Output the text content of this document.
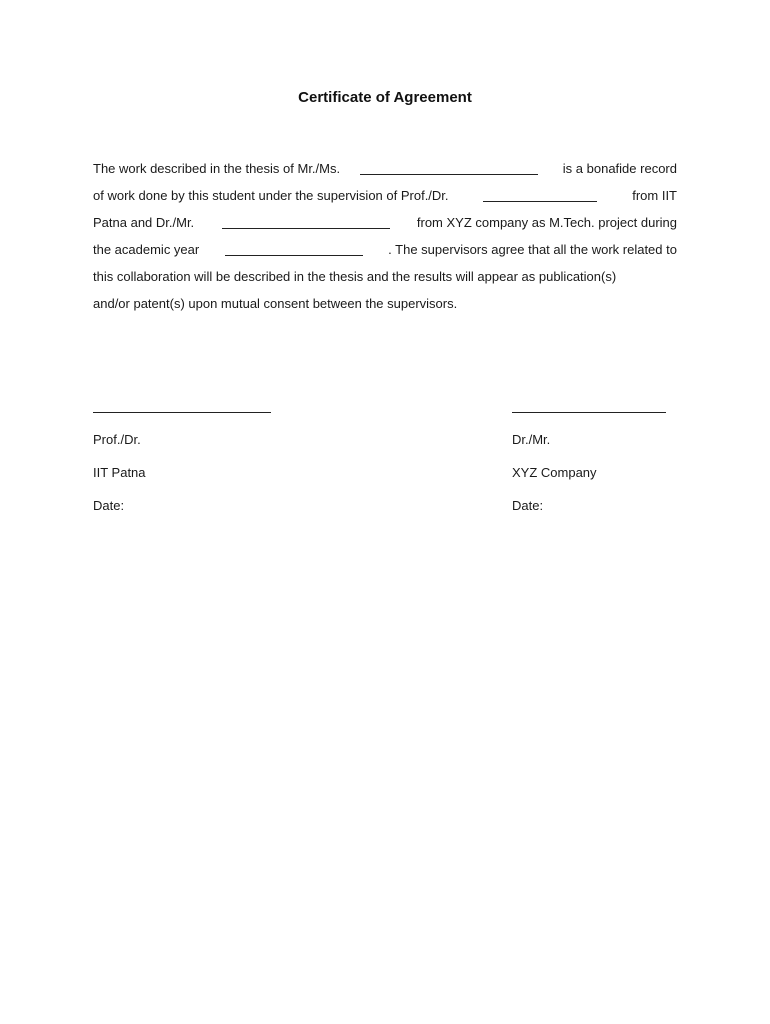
Certificate of Agreement
The work described in the thesis of Mr./Ms.	is a bonafide record
of work done by this student under the supervision of Prof./Dr.	from IIT
Patna and Dr./Mr.	from XYZ company as M.Tech. project during
the academic year	. The supervisors agree that all the work related to
this collaboration will be described in the thesis and the results will appear as publication(s)
and/or patent(s) upon mutual consent between the supervisors.
Prof./Dr.
IIT Patna
Date:
Dr./Mr.
XYZ Company
Date:
